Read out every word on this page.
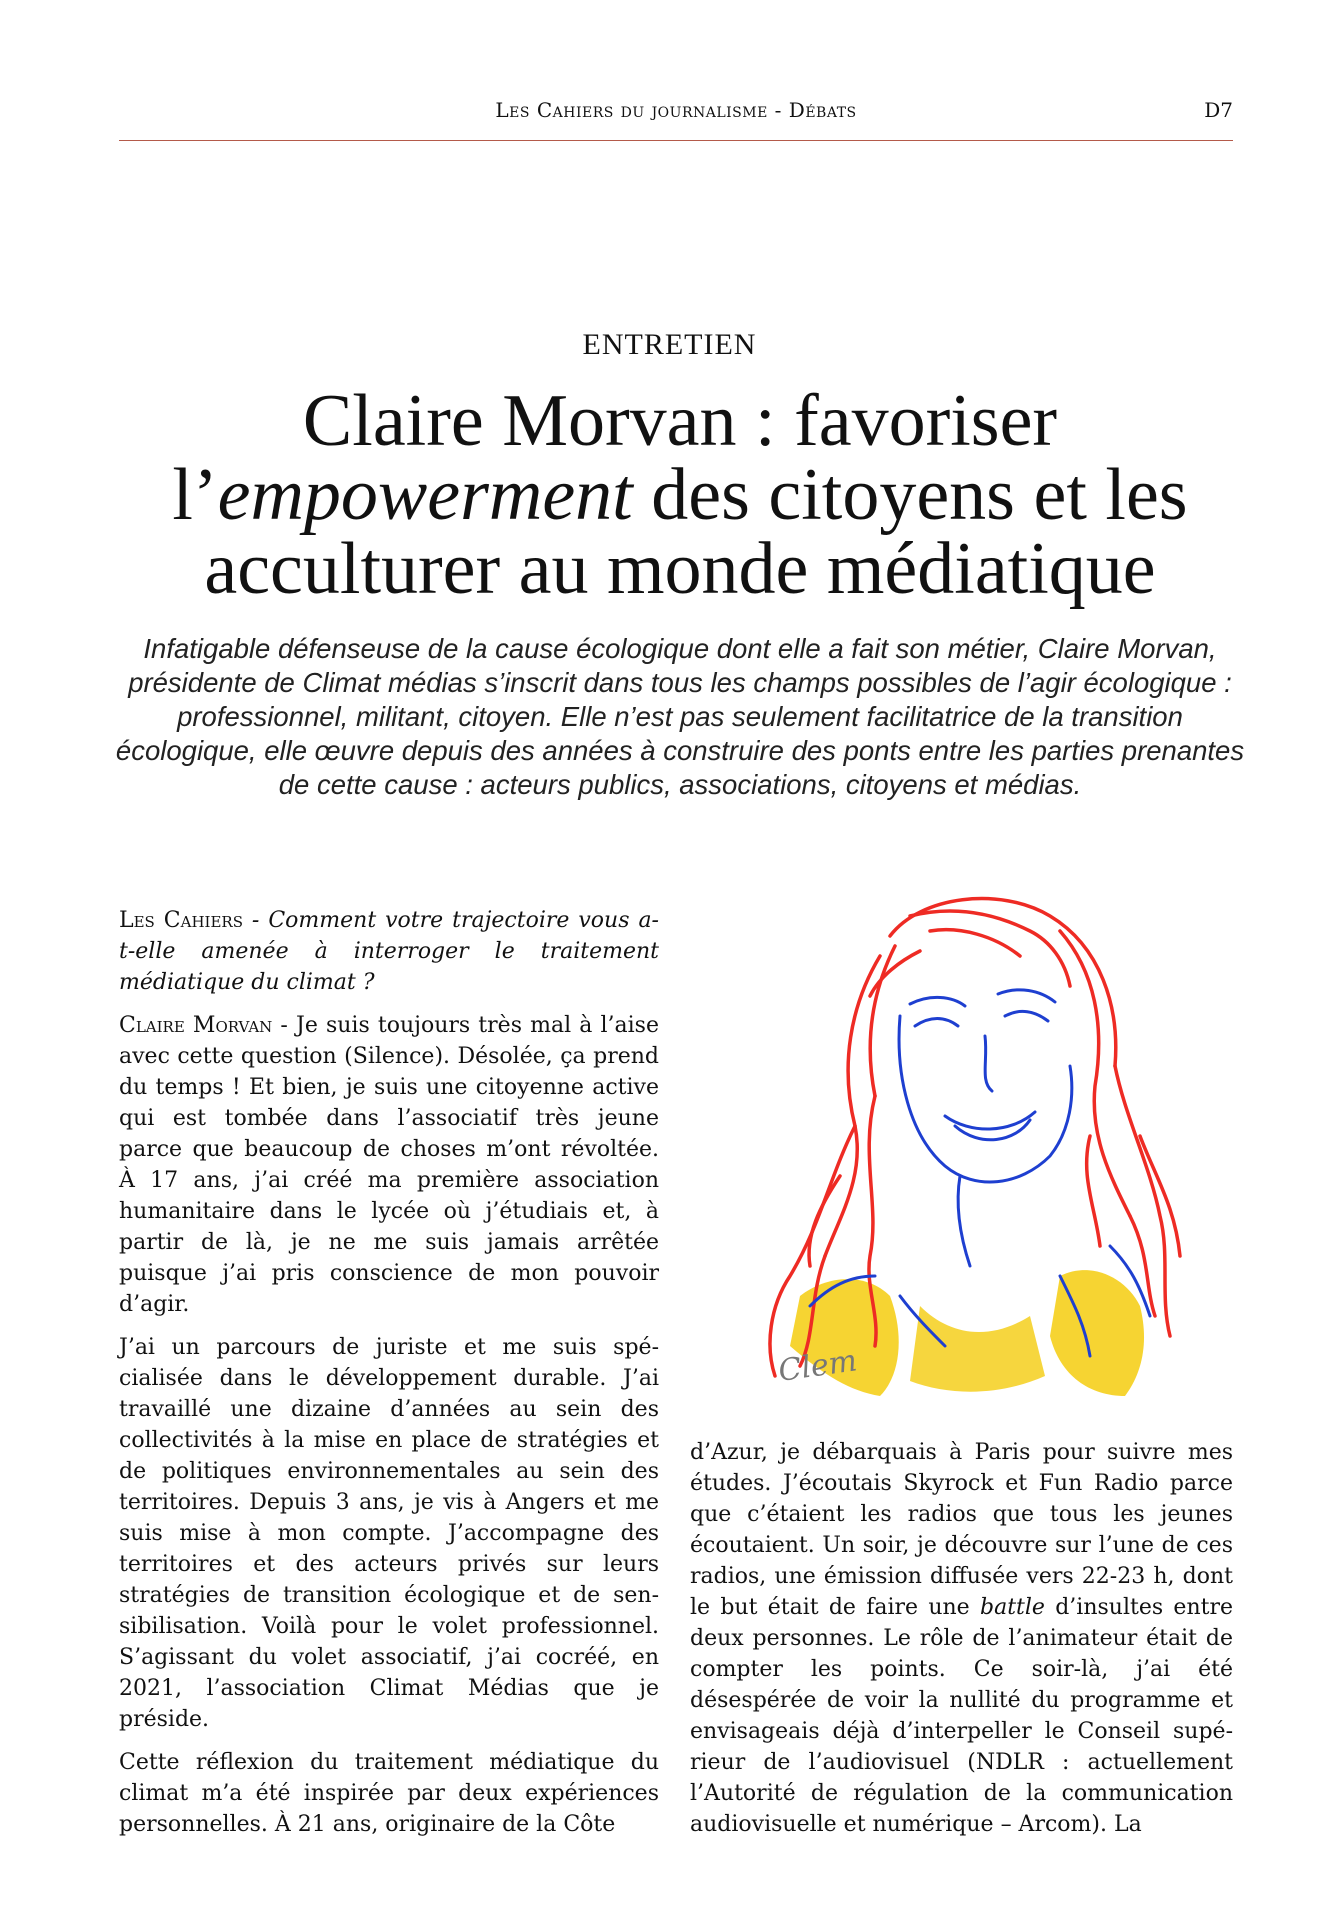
Les Cahiers du journalisme - Débats	D7
ENTRETIEN
Claire Morvan : favoriser
l’empowerment des citoyens et les
acculturer au monde médiatique
Infatigable défenseuse de la cause écologique dont elle a fait son métier, Claire Morvan, présidente de Climat médias s’inscrit dans tous les champs possibles de l’agir écologique : professionnel, militant, citoyen. Elle n’est pas seulement facilitatrice de la transition écologique, elle œuvre depuis des années à construire des ponts entre les parties prenantes de cette cause : acteurs publics, associations, citoyens et médias.

Les Cahiers - Comment votre trajectoire vous a-t-elle amenée à interroger le traitement médiatique du climat ?

Claire Morvan - Je suis toujours très mal à l’aise avec cette question (Silence). Désolée, ça prend du temps ! Et bien, je suis une citoyenne active qui est tombée dans l’associatif très jeune parce que beaucoup de choses m’ont révoltée. À 17 ans, j’ai créé ma première association humanitaire dans le lycée où j’étudiais et, à partir de là, je ne me suis jamais arrêtée puisque j’ai pris conscience de mon pouvoir d’agir.

J’ai un parcours de juriste et me suis spécialisée dans le développement durable. J’ai travaillé une dizaine d’années au sein des collectivités à la mise en place de stratégies et de politiques environnementales au sein des territoires. Depuis 3 ans, je vis à Angers et me suis mise à mon compte. J’accompagne des territoires et des acteurs privés sur leurs stratégies de transition écologique et de sensibilisation. Voilà pour le volet professionnel. S’agissant du volet associatif, j’ai cocréé, en 2021, l’association Climat Médias que je préside.

Cette réflexion du traitement médiatique du climat m’a été inspirée par deux expériences personnelles. À 21 ans, originaire de la Côte

Clem

d’Azur, je débarquais à Paris pour suivre mes études. J’écoutais Skyrock et Fun Radio parce que c’étaient les radios que tous les jeunes écoutaient. Un soir, je découvre sur l’une de ces radios, une émission diffusée vers 22-23 h, dont le but était de faire une battle d’insultes entre deux personnes. Le rôle de l’animateur était de compter les points. Ce soir-là, j’ai été désespérée de voir la nullité du programme et envisageais déjà d’interpeller le Conseil supérieur de l’audiovisuel (NDLR : actuellement l’Autorité de régulation de la communication audiovisuelle et numérique – Arcom). La
